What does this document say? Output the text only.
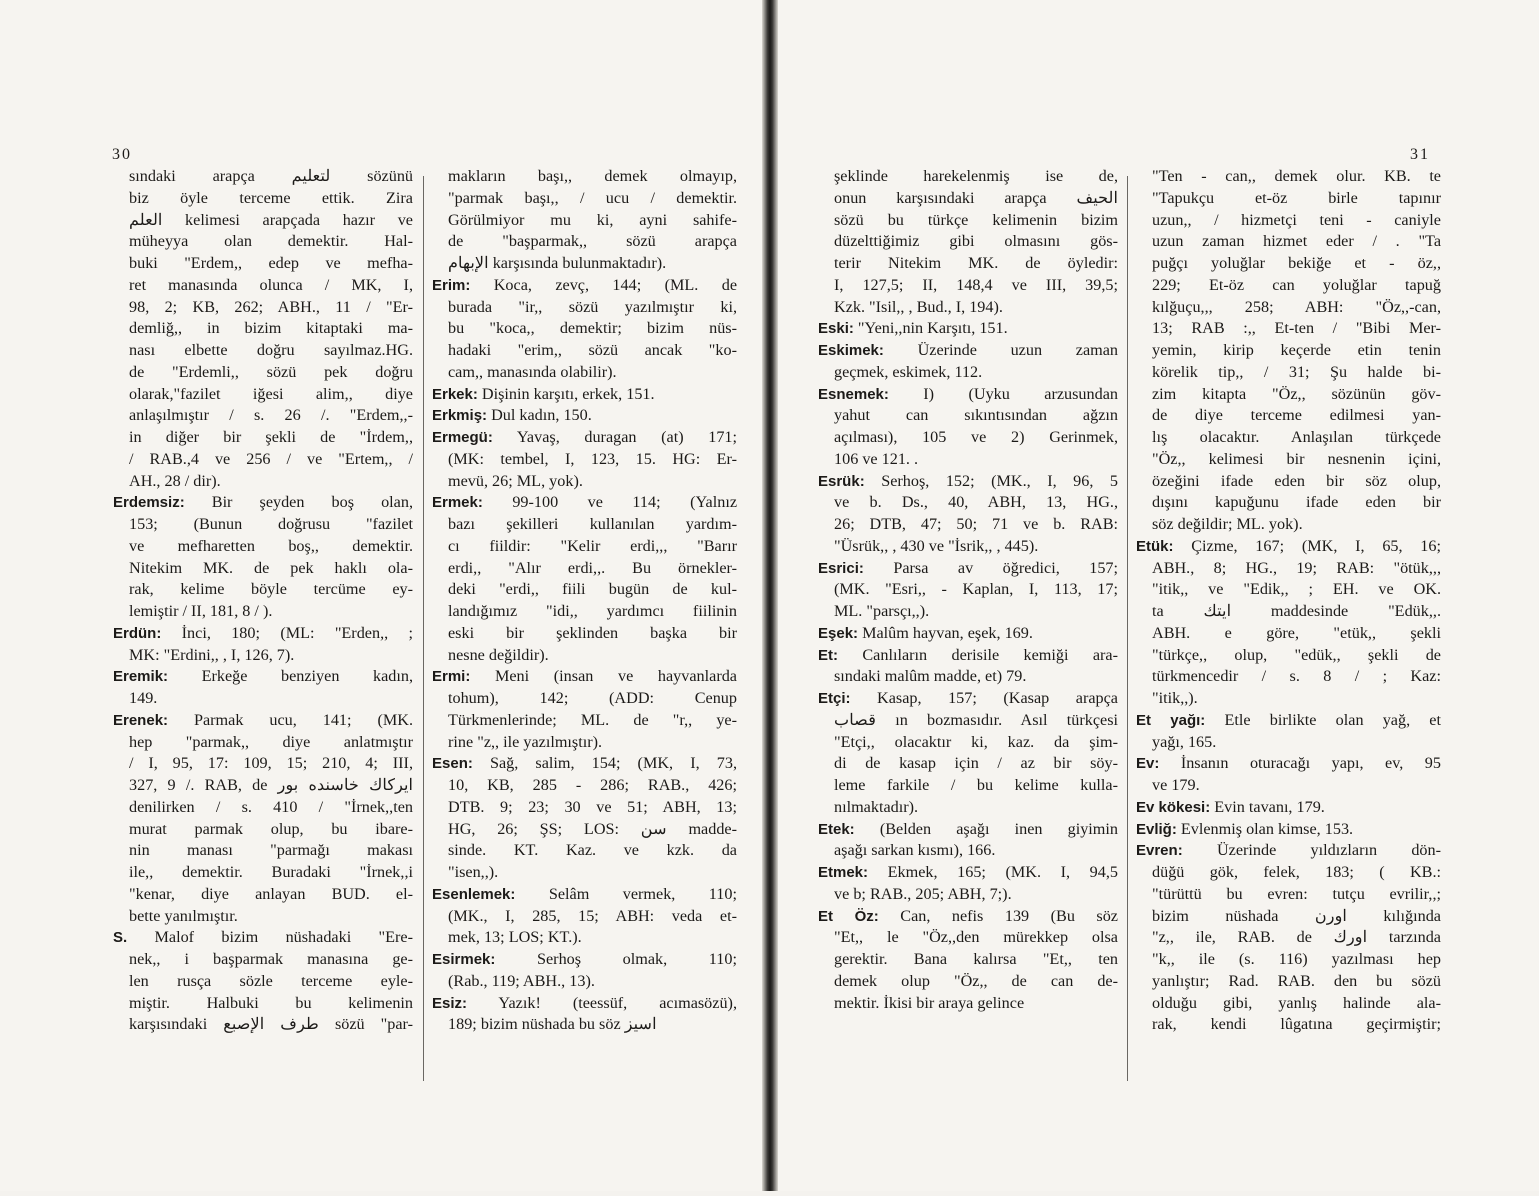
30	31
sındaki arapça ﻟﺘﻌﻠﻴﻢ sözünü
biz öyle terceme ettik. Zira
ﺍﻟﻌﻠﻢ kelimesi arapçada hazır ve
müheyya olan demektir. Hal-
buki "Erdem,, edep ve mefha-
ret manasında olunca / MK, I,
98, 2; KB, 262; ABH., 11 / "Er-
demliğ,, in bizim kitaptaki ma-
nası elbette doğru sayılmaz.HG.
de "Erdemli,, sözü pek doğru
olarak,"fazilet iğesi alim,, diye
anlaşılmıştır / s. 26 /. "Erdem,,-
in diğer bir şekli de "İrdem,,
/ RAB.,4 ve 256 / ve "Ertem,, /
AH., 28 / dir).
Erdemsiz: Bir şeyden boş olan,
153; (Bunun doğrusu "fazilet
ve mefharetten boş,, demektir.
Nitekim MK. de pek haklı ola-
rak, kelime böyle tercüme ey-
lemiştir / II, 181, 8 / ).
Erdün: İnci, 180; (ML: "Erden,, ;
MK: "Erdini,, , I, 126, 7).
Eremik: Erkeğe benziyen kadın,
149.
Erenek: Parmak ucu, 141; (MK.
hep "parmak,, diye anlatmıştır
/ I, 95, 17: 109, 15; 210, 4; III,
327, 9 /. RAB, de ﺍﻳﺮﻛﺎﻙ ﺧﺎﺳﻨﺪﻩ ﺑﻮﺭ
denilirken / s. 410 / "İrnek,,ten
murat parmak olup, bu ibare-
nin manası "parmağı makası
ile,, demektir. Buradaki "İrnek,,i
"kenar, diye anlayan BUD. el-
bette yanılmıştır.
S. Malof bizim nüshadaki "Ere-
nek,, i başparmak manasına ge-
len rusça sözle terceme eyle-
miştir. Halbuki bu kelimenin
karşısındaki ﻃﺮﻑ ﺍﻹﺻﺒﻊ sözü "par-
makların başı,, demek olmayıp,
"parmak başı,, / ucu / demektir.
Görülmiyor mu ki, ayni sahife-
de "başparmak,, sözü arapça
ﺍﻹﺑﻬﺎﻡ karşısında bulunmaktadır).
Erim: Koca, zevç, 144; (ML. de
burada "ir,, sözü yazılmıştır ki,
bu "koca,, demektir; bizim nüs-
hadaki "erim,, sözü ancak "ko-
cam,, manasında olabilir).
Erkek: Dişinin karşıtı, erkek, 151.
Erkmiş: Dul kadın, 150.
Ermegü: Yavaş, duragan (at) 171;
(MK: tembel, I, 123, 15. HG: Er-
mevü, 26; ML, yok).
Ermek: 99-100 ve 114; (Yalnız
bazı şekilleri kullanılan yardım-
cı fiildir: "Kelir erdi,,, "Barır
erdi,, "Alır erdi,,. Bu örnekler-
deki "erdi,, fiili bugün de kul-
landığımız "idi,, yardımcı fiilinin
eski bir şeklinden başka bir
nesne değildir).
Ermi: Meni (insan ve hayvanlarda
tohum), 142; (ADD: Cenup
Türkmenlerinde; ML. de "r,, ye-
rine "z,, ile yazılmıştır).
Esen: Sağ, salim, 154; (MK, I, 73,
10, KB, 285 - 286; RAB., 426;
DTB. 9; 23; 30 ve 51; ABH, 13;
HG, 26; ŞS; LOS: ﺳﻦ madde-
sinde. KT. Kaz. ve kzk. da
"isen,,).
Esenlemek: Selâm vermek, 110;
(MK., I, 285, 15; ABH: veda et-
mek, 13; LOS; KT.).
Esirmek: Serhoş olmak, 110;
(Rab., 119; ABH., 13).
Esiz: Yazık! (teessüf, acımasözü),
189; bizim nüshada bu söz ﺍﺳﻴﺰ
şeklinde harekelenmiş ise de,
onun karşısındaki arapça ﺍﻟﺤﻴﻒ
sözü bu türkçe kelimenin bizim
düzelttiğimiz gibi olmasını gös-
terir Nitekim MK. de öyledir:
I, 127,5; II, 148,4 ve III, 39,5;
Kzk. "Isil,, , Bud., I, 194).
Eski: "Yeni,,nin Karşıtı, 151.
Eskimek: Üzerinde uzun zaman
geçmek, eskimek, 112.
Esnemek: I) (Uyku arzusundan
yahut can sıkıntısından ağzın
açılması), 105 ve 2) Gerinmek,
106 ve 121. .
Esrük: Serhoş, 152; (MK., I, 96, 5
ve b. Ds., 40, ABH, 13, HG.,
26; DTB, 47; 50; 71 ve b. RAB:
"Üsrük,, , 430 ve "İsrik,, , 445).
Esrici: Parsa av öğredici, 157;
(MK. "Esri,, - Kaplan, I, 113, 17;
ML. "parsçı,,).
Eşek: Malûm hayvan, eşek, 169.
Et: Canlıların derisile kemiği ara-
sındaki malûm madde, et) 79.
Etçi: Kasap, 157; (Kasap arapça
ﻗﺼﺎﺏ ın bozmasıdır. Asıl türkçesi
"Etçi,, olacaktır ki, kaz. da şim-
di de kasap için / az bir söy-
leme farkile / bu kelime kulla-
nılmaktadır).
Etek: (Belden aşağı inen giyimin
aşağı sarkan kısmı), 166.
Etmek: Ekmek, 165; (MK. I, 94,5
ve b; RAB., 205; ABH, 7;).
Et Öz: Can, nefis 139 (Bu söz
"Et,, le "Öz,,den mürekkep olsa
gerektir. Bana kalırsa "Et,, ten
demek olup "Öz,, de can de-
mektir. İkisi bir araya gelince
"Ten - can,, demek olur. KB. te
"Tapukçu et-öz birle tapınır
uzun,, / hizmetçi teni - caniyle
uzun zaman hizmet eder / . "Ta
puğçı yoluğlar bekiğe et - öz,,
229; Et-öz can yoluğlar tapuğ
kılğuçu,,, 258; ABH: "Öz,,-can,
13; RAB :,, Et-ten / "Bibi Mer-
yemin, kirip keçerde etin tenin
körelik tip,, / 31; Şu halde bi-
zim kitapta "Öz,, sözünün göv-
de diye terceme edilmesi yan-
lış olacaktır. Anlaşılan türkçede
"Öz,, kelimesi bir nesnenin içini,
özeğini ifade eden bir söz olup,
dışını kapuğunu ifade eden bir
söz değildir; ML. yok).
Etük: Çizme, 167; (MK, I, 65, 16;
ABH., 8; HG., 19; RAB: "ötük,,,
"itik,, ve "Edik,, ; EH. ve OK.
ta ﺍﻳﺘﻚ maddesinde "Edük,,.
ABH. e göre, "etük,, şekli
"türkçe,, olup, "edük,, şekli de
türkmencedir / s. 8 / ; Kaz:
"itik,,).
Et yağı: Etle birlikte olan yağ, et
yağı, 165.
Ev: İnsanın oturacağı yapı, ev, 95
ve 179.
Ev kökesi: Evin tavanı, 179.
Evliğ: Evlenmiş olan kimse, 153.
Evren: Üzerinde yıldızların dön-
düğü gök, felek, 183; ( KB.:
"türüttü bu evren: tutçu evrilir,,;
bizim nüshada ﺍﻭﺭﻥ kılığında
"z,, ile, RAB. de ﺍﻭﺭﻙ tarzında
"k,, ile (s. 116) yazılması hep
yanlıştır; Rad. RAB. den bu sözü
olduğu gibi, yanlış halinde ala-
rak, kendi lûgatına geçirmiştir;
